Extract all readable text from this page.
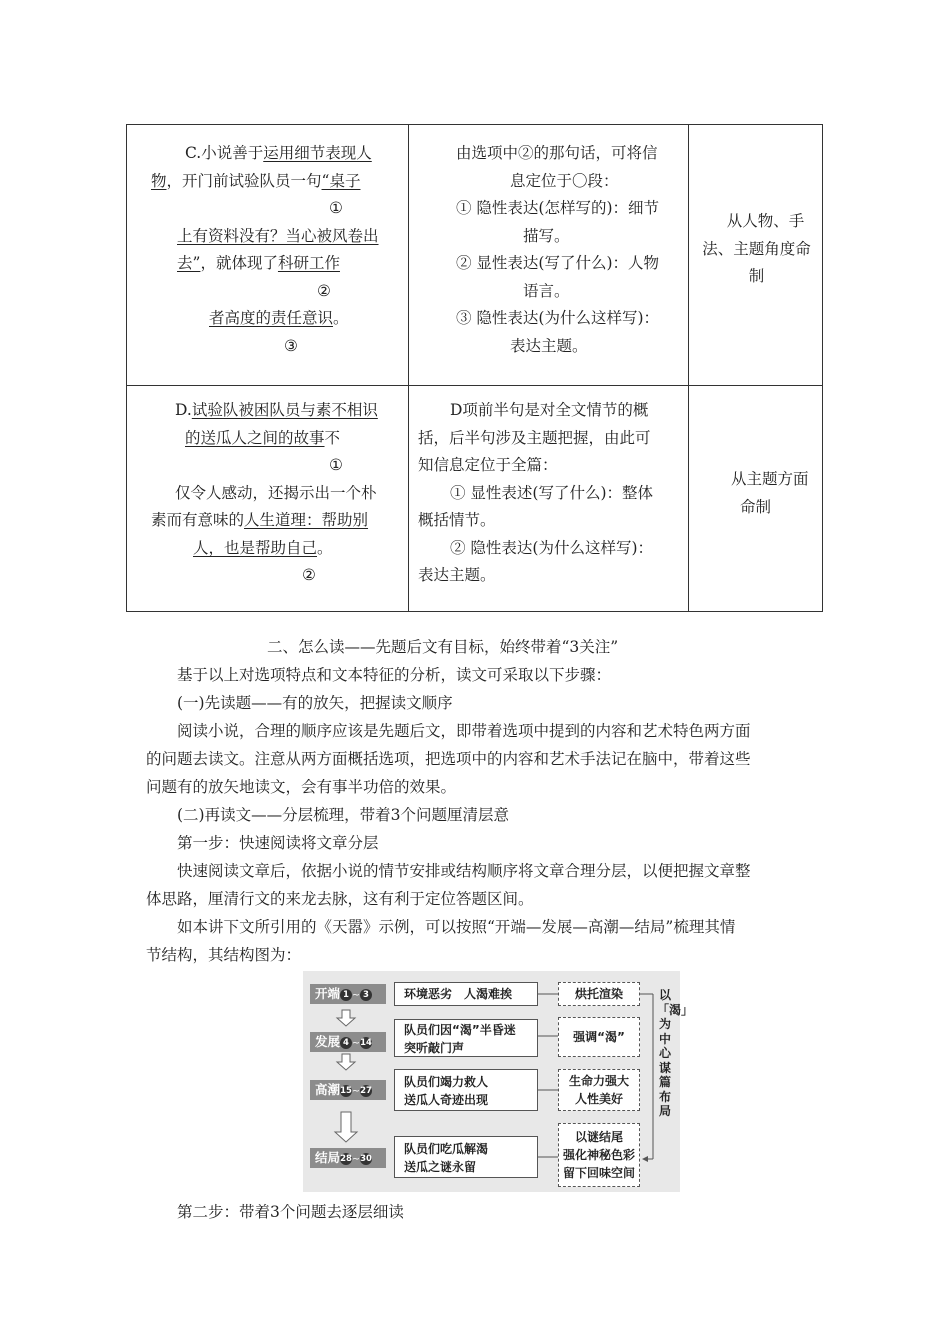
C.小说善于运用细节表现人
物，开门前试验队员一句“桌子
①
上有资料没有？当心被风卷出
去”，就体现了科研工作
②
者高度的责任意识。
③
由选项中②的那句话，可将信
息定位于〇段：
① 隐性表达(怎样写的)：细节
描写。
② 显性表达(写了什么)：人物
语言。
③ 隐性表达(为什么这样写)：
表达主题。
从人物、手
法、主题角度命
制
D.试验队被困队员与素不相识
的送瓜人之间的故事不
①
仅令人感动，还揭示出一个朴
素而有意味的人生道理：帮助别
人，也是帮助自己。
②
D项前半句是对全文情节的概
括，后半句涉及主题把握，由此可
知信息定位于全篇：
① 显性表述(写了什么)：整体
概括情节。
② 隐性表达(为什么这样写)：
表达主题。
从主题方面
命制
二、怎么读——先题后文有目标，始终带着“3关注”
基于以上对选项特点和文本特征的分析，读文可采取以下步骤：
(一)先读题——有的放矢，把握读文顺序
阅读小说，合理的顺序应该是先题后文，即带着选项中提到的内容和艺术特色两方面
的问题去读文。注意从两方面概括选项，把选项中的内容和艺术手法记在脑中，带着这些
问题有的放矢地读文，会有事半功倍的效果。
(二)再读文——分层梳理，带着3个问题厘清层意
第一步：快速阅读将文章分层
快速阅读文章后，依据小说的情节安排或结构顺序将文章合理分层，以便把握文章整
体思路，厘清行文的来龙去脉，这有利于定位答题区间。
如本讲下文所引用的《天嚣》示例，可以按照“开端—发展—高潮—结局”梳理其情
节结构，其结构图为：
开端 1 ~ 3
发展 4 ~14
高潮15~27
结局28~30
环境恶劣　人渴难挨
队员们因“渴”半昏迷
突听敲门声
队员们竭力救人
送瓜人奇迹出现
队员们吃瓜解渴
送瓜之谜永留
烘托渲染
强调“渴”
生命力强大
人性美好
以谜结尾
强化神秘色彩
留下回味空间
以「渴」为中心谋篇布局
第二步：带着3个问题去逐层细读
